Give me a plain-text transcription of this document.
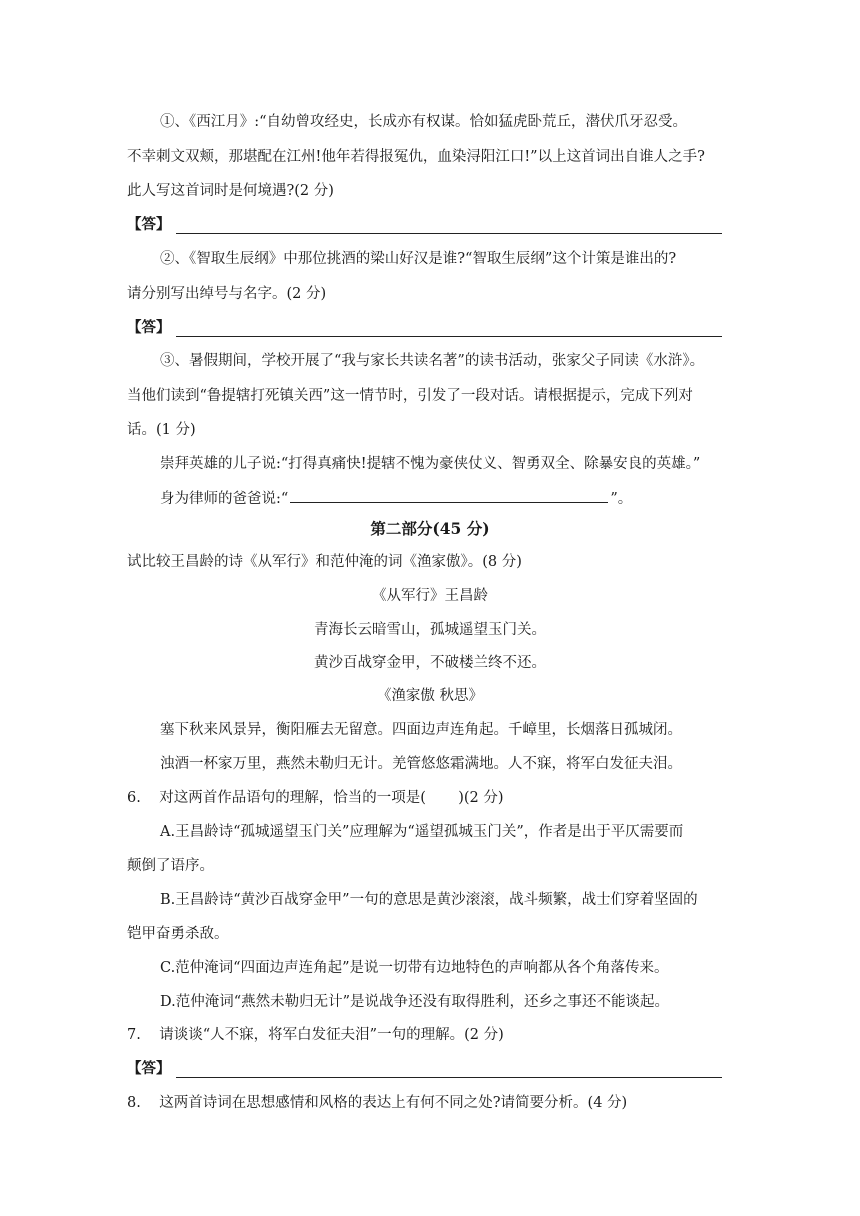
①、《西江月》:“自幼曾攻经史，长成亦有权谋。恰如猛虎卧荒丘，潜伏爪牙忍受。
不幸刺文双颊，那堪配在江州!他年若得报冤仇，血染浔阳江口!”以上这首词出自谁人之手?
此人写这首词时是何境遇?(2 分)
【答】
②、《智取生辰纲》中那位挑酒的梁山好汉是谁?“智取生辰纲”这个计策是谁出的?
请分别写出绰号与名字。(2 分)
【答】
③、暑假期间，学校开展了“我与家长共读名著”的读书活动，张家父子同读《水浒》。
当他们读到“鲁提辖打死镇关西”这一情节时，引发了一段对话。请根据提示，完成下列对
话。(1 分)
崇拜英雄的儿子说:“打得真痛快!提辖不愧为豪侠仗义、智勇双全、除暴安良的英雄。”
身为律师的爸爸说:“	”。
第二部分(45 分)
试比较王昌龄的诗《从军行》和范仲淹的词《渔家傲》。(8 分)
《从军行》王昌龄
青海长云暗雪山，孤城遥望玉门关。
黄沙百战穿金甲，不破楼兰终不还。
《渔家傲 秋思》
塞下秋来风景异，衡阳雁去无留意。四面边声连角起。千嶂里，长烟落日孤城闭。
浊酒一杯家万里，燕然未勒归无计。羌管悠悠霜满地。人不寐，将军白发征夫泪。
6.    对这两首作品语句的理解，恰当的一项是(       )(2 分)
A.王昌龄诗“孤城遥望玉门关”应理解为“遥望孤城玉门关”，作者是出于平仄需要而
颠倒了语序。
B.王昌龄诗“黄沙百战穿金甲”一句的意思是黄沙滚滚，战斗频繁，战士们穿着坚固的
铠甲奋勇杀敌。
C.范仲淹词“四面边声连角起”是说一切带有边地特色的声响都从各个角落传来。
D.范仲淹词“燕然未勒归无计”是说战争还没有取得胜利，还乡之事还不能谈起。
7.    请谈谈“人不寐，将军白发征夫泪”一句的理解。(2 分)
【答】
8.    这两首诗词在思想感情和风格的表达上有何不同之处?请简要分析。(4 分)
